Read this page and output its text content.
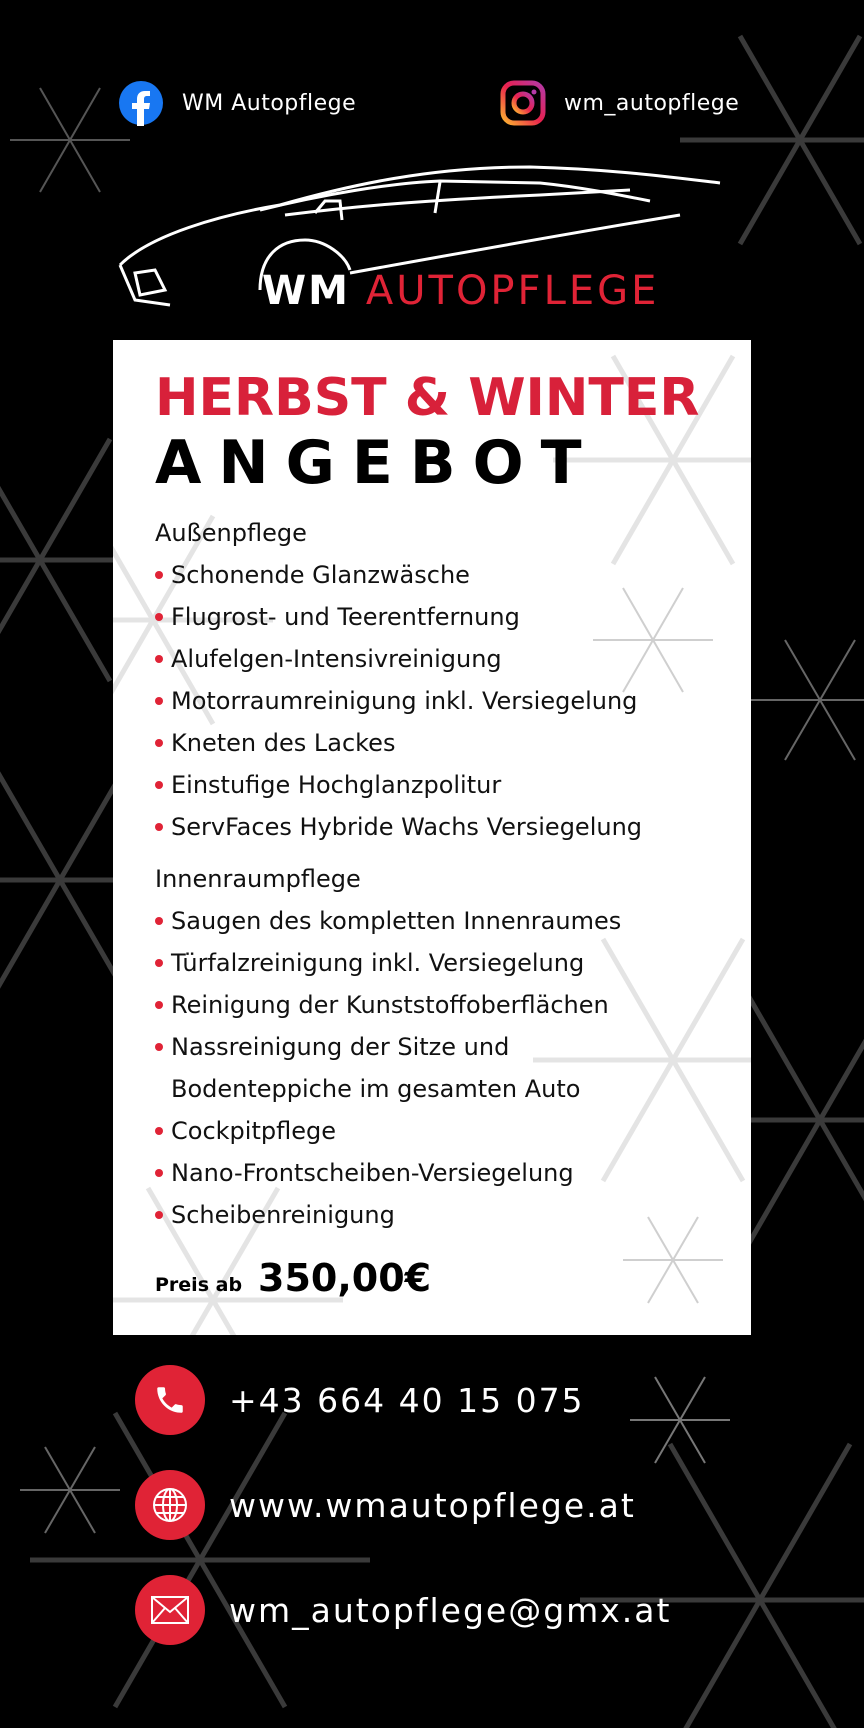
WM Autopflege	wm_autopflege
WM AUTOPFLEGE
HERBST & WINTER
ANGEBOT
Außenpflege
Schonende Glanzwäsche
Flugrost- und Teerentfernung
Alufelgen-Intensivreinigung
Motorraumreinigung inkl. Versiegelung
Kneten des Lackes
Einstufige Hochglanzpolitur
ServFaces Hybride Wachs Versiegelung
Innenraumpflege
Saugen des kompletten Innenraumes
Türfalzreinigung inkl. Versiegelung
Reinigung der Kunststoffoberflächen
Nassreinigung der Sitze und
Bodenteppiche im gesamten Auto
Cockpitpflege
Nano-Frontscheiben-Versiegelung
Scheibenreinigung
Preis ab 350,00€
+43 664 40 15 075
www.wmautopflege.at
wm_autopflege@gmx.at
